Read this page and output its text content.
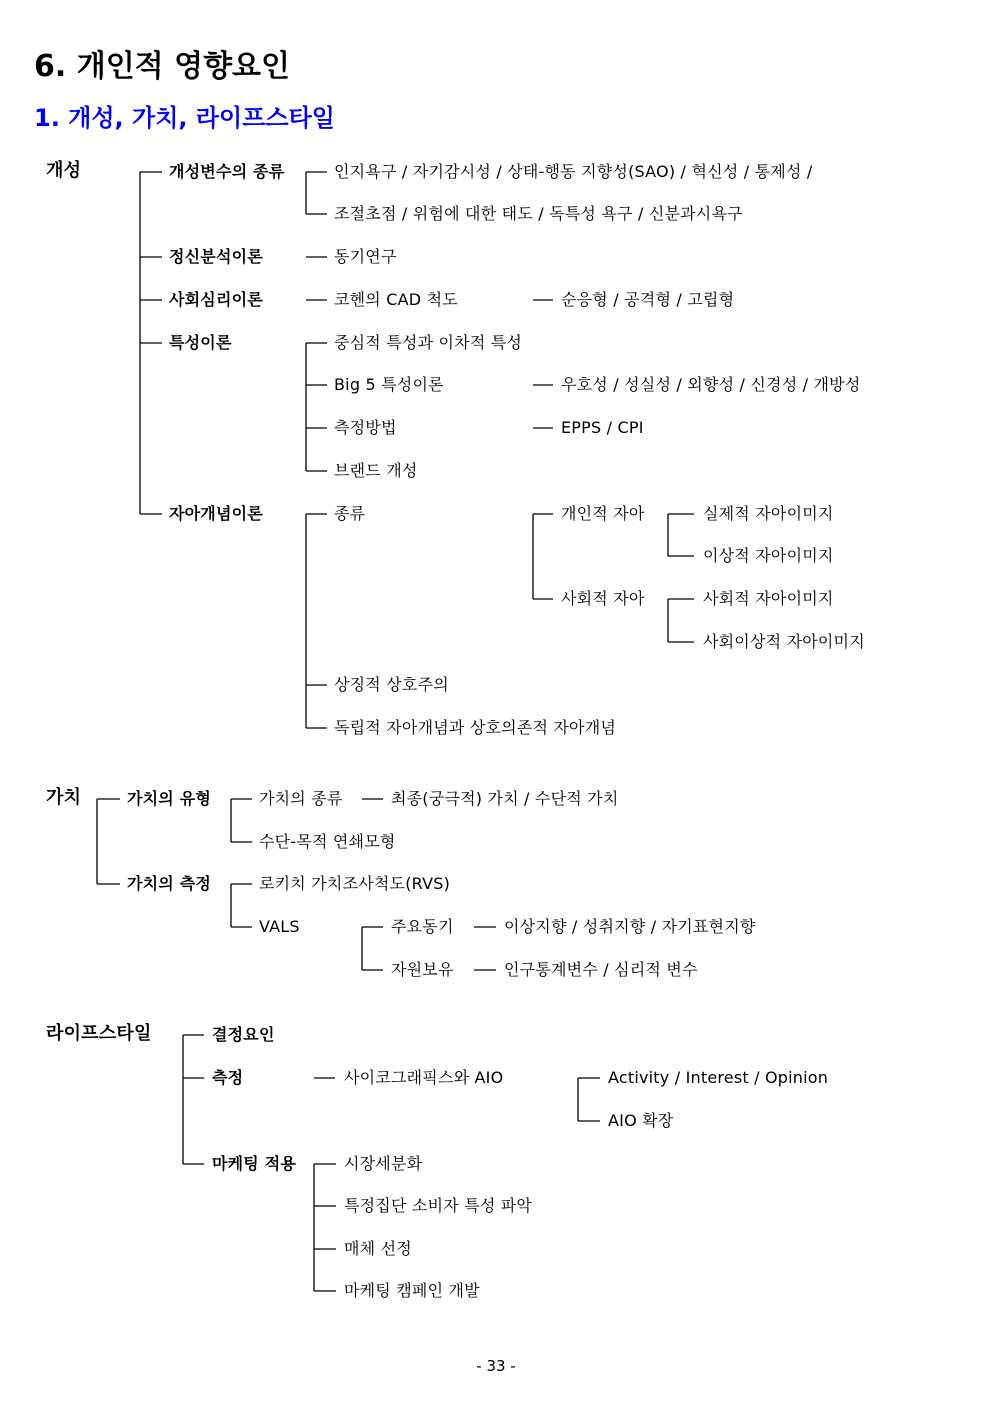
6. 개인적 영향요인
1. 개성, 가치, 라이프스타일
개성	개성변수의 종류	인지욕구 / 자기감시성 / 상태-행동 지향성(SAO) / 혁신성 / 통제성 /
조절초점 / 위험에 대한 태도 / 독특성 욕구 / 신분과시욕구
정신분석이론	동기연구
사회심리이론	코헨의 CAD 척도	순응형 / 공격형 / 고립형
특성이론	중심적 특성과 이차적 특성
Big 5 특성이론	우호성 / 성실성 / 외향성 / 신경성 / 개방성
측정방법	EPPS / CPI
브랜드 개성
자아개념이론	종류	개인적 자아	실제적 자아이미지
이상적 자아이미지
사회적 자아	사회적 자아이미지
사회이상적 자아이미지
상징적 상호주의
독립적 자아개념과 상호의존적 자아개념
가치	가치의 유형	가치의 종류	최종(궁극적) 가치 / 수단적 가치
수단-목적 연쇄모형
가치의 측정	로키치 가치조사척도(RVS)
VALS	주요동기	이상지향 / 성취지향 / 자기표현지향
자원보유	인구통계변수 / 심리적 변수
라이프스타일	결정요인
측정	사이코그래픽스와 AIO	Activity / Interest / Opinion
AIO 확장
마케팅 적용	시장세분화
특정집단 소비자 특성 파악
매체 선정
마케팅 캠페인 개발
- 33 -
